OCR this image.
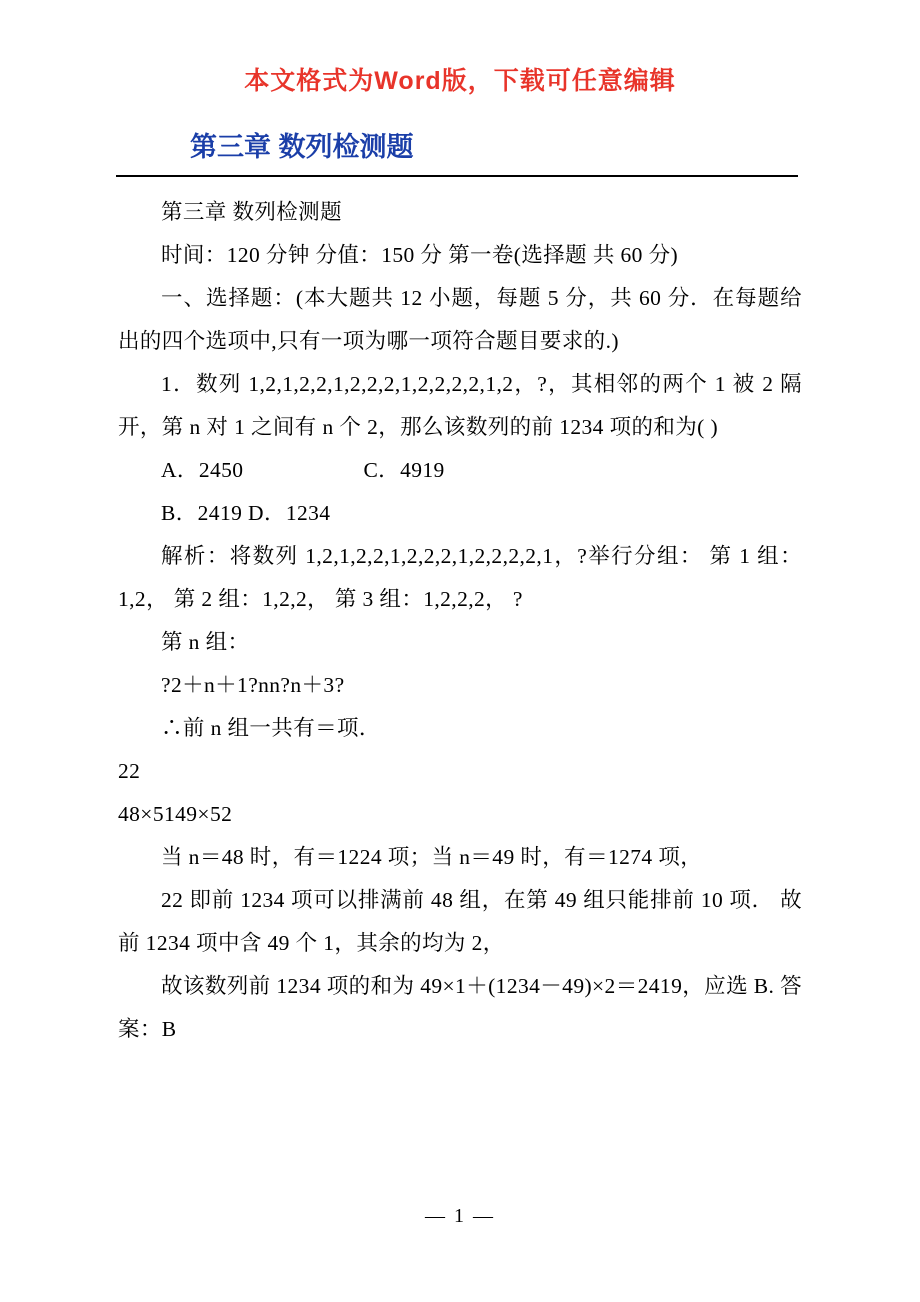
本文格式为Word版，下载可任意编辑
第三章 数列检测题

第三章 数列检测题

时间：120 分钟 分值：150 分 第一卷(选择题 共 60 分)

一、选择题：(本大题共 12 小题，每题 5 分，共 60 分．在每题给出的四个选项中,只有一项为哪一项符合题目要求的.)

1．数列 1,2,1,2,2,1,2,2,2,1,2,2,2,2,1,2，?，其相邻的两个 1 被 2 隔开，第 n 对 1 之间有 n 个 2，那么该数列的前 1234 项的和为( )

A．2450	C．4919

B．2419 D．1234

解析：将数列 1,2,1,2,2,1,2,2,2,1,2,2,2,2,1，?举行分组： 第 1 组：1,2， 第 2 组：1,2,2， 第 3 组：1,2,2,2， ?

第 n 组：

?2＋n＋1?nn?n＋3?

∴前 n 组一共有＝项．

22

48×5149×52

当 n＝48 时，有＝1224 项；当 n＝49 时，有＝1274 项，

22 即前 1234 项可以排满前 48 组，在第 49 组只能排前 10 项． 故前 1234 项中含 49 个 1，其余的均为 2，

故该数列前 1234 项的和为 49×1＋(1234－49)×2＝2419，应选 B. 答案：B

— 1 —
